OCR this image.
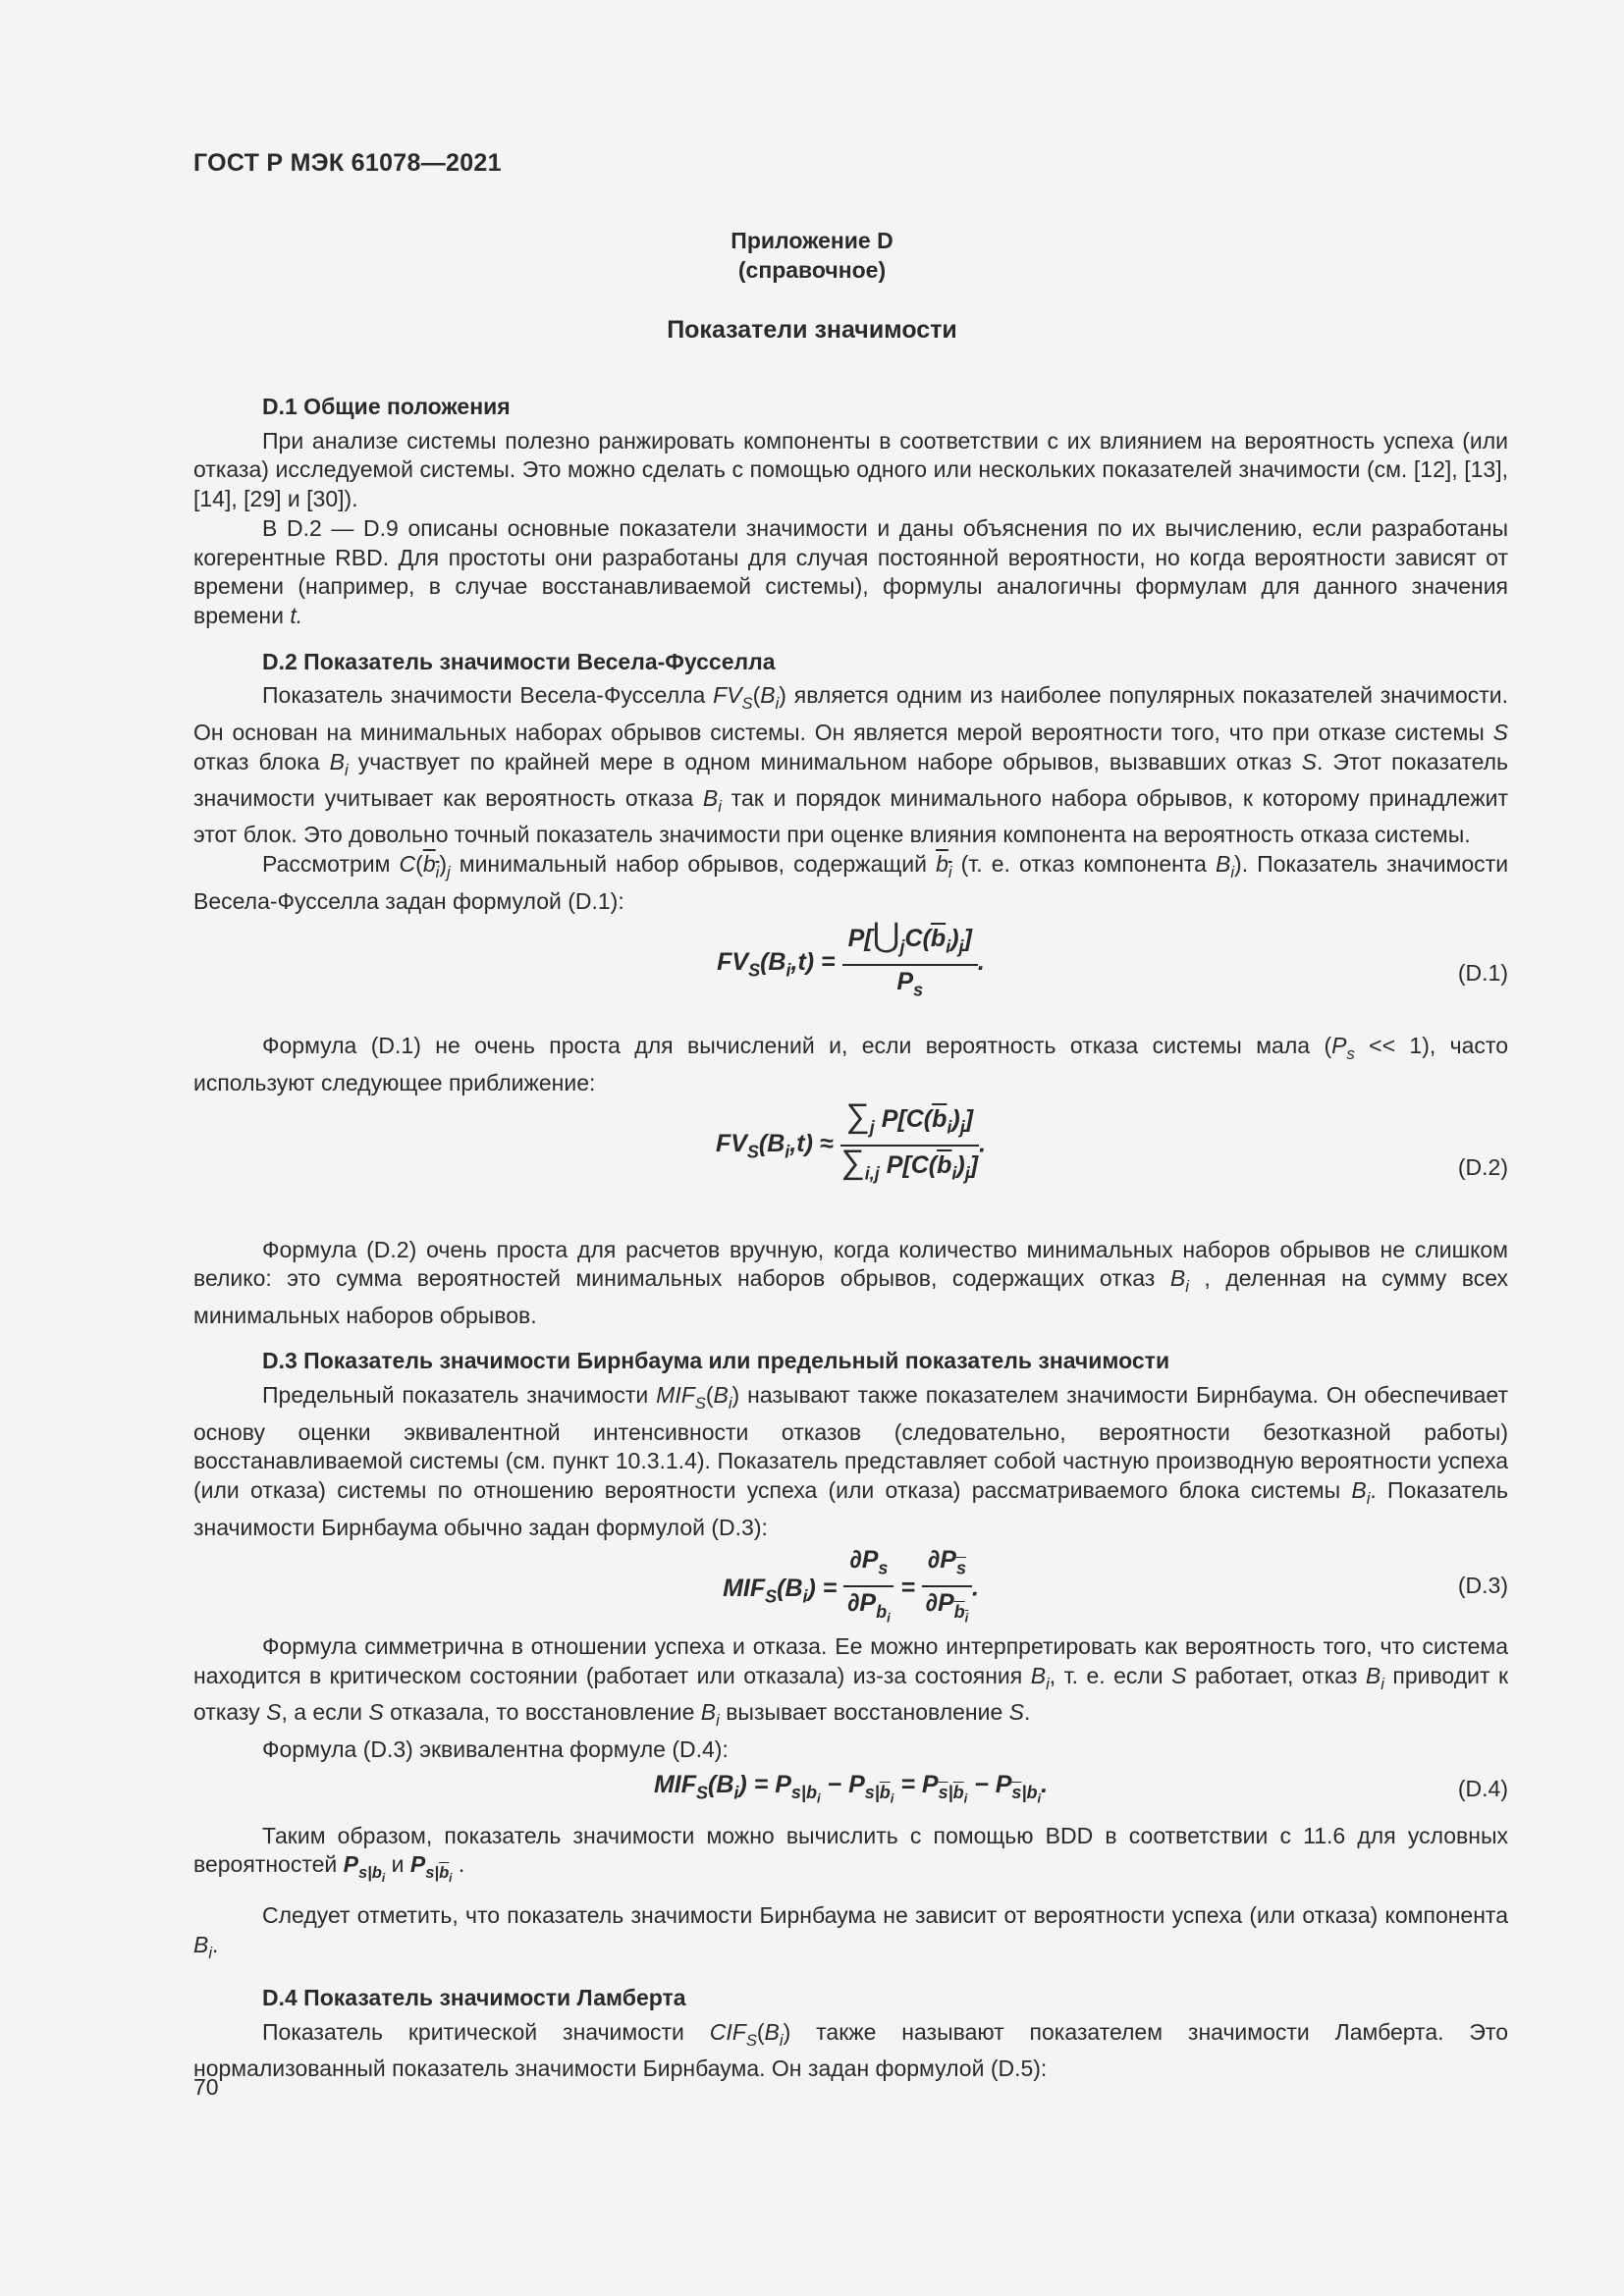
ГОСТ Р МЭК 61078—2021
Приложение D
(справочное)
Показатели значимости
D.1 Общие положения

При анализе системы полезно ранжировать компоненты в соответствии с их влиянием на вероятность успеха (или отказа) исследуемой системы. Это можно сделать с помощью одного или нескольких показателей значимости (см. [12], [13], [14], [29] и [30]).

В D.2 — D.9 описаны основные показатели значимости и даны объяснения по их вычислению, если разработаны когерентные RBD. Для простоты они разработаны для случая постоянной вероятности, но когда вероятности зависят от времени (например, в случае восстанавливаемой системы), формулы аналогичны формулам для данного значения времени t.

D.2 Показатель значимости Весела-Фусселла

Показатель значимости Весела-Фусселла $FV_S(B_i)$ является одним из наиболее популярных показателей значимости. Он основан на минимальных наборах обрывов системы. Он является мерой вероятности того, что при отказе системы S отказ блока $B_i$ участвует по крайней мере в одном минимальном наборе обрывов, вызвавших отказ S. Этот показатель значимости учитывает как вероятность отказа $B_i$ так и порядок минимального набора обрывов, к которому принадлежит этот блок. Это довольно точный показатель значимости при оценке влияния компонента на вероятность отказа системы.

Рассмотрим $C(b_i)_j$ минимальный набор обрывов, содержащий $b_i$ (т. е. отказ компонента $B_i$). Показатель значимости Весела-Фусселла задан формулой (D.1):

$FV_S(B_i,t) = \frac{P[⋃_jC(\overline{b}_i)_j]}{P_s}$ .	(D.1)

Формула (D.1) не очень проста для вычислений и, если вероятность отказа системы мала $(P_s << 1)$, часто используют следующее приближение:

$FV_S(B_i,t) \approx \frac{\sum_j P[C(\overline{b}_i)_j]}{\sum_{i,j} P[C(\overline{b}_i)_j]}$ .
(D.2)

Формула (D.2) очень проста для расчетов вручную, когда количество минимальных наборов обрывов не слишком велико: это сумма вероятностей минимальных наборов обрывов, содержащих отказ $B_i$ , деленная на сумму всех минимальных наборов обрывов.

D.3 Показатель значимости Бирнбаума или предельный показатель значимости

Предельный показатель значимости $MIF_S(B_i)$ называют также показателем значимости Бирнбаума. Он обеспечивает основу оценки эквивалентной интенсивности отказов (следовательно, вероятности безотказной работы) восстанавливаемой системы (см. пункт 10.3.1.4). Показатель представляет собой частную производную вероятности успеха (или отказа) системы по отношению вероятности успеха (или отказа) рассматриваемого блока системы $B_i$. Показатель значимости Бирнбаума обычно задан формулой (D.3):

$MIF_S(B_i) = \frac{\partial P_s}{\partial P_{b_i}} = \frac{\partial P_{\overline{s}}}{\partial P_{b_i}}$ .	(D.3)

Формула симметрична в отношении успеха и отказа. Ее можно интерпретировать как вероятность того, что система находится в критическом состоянии (работает или отказала) из-за состояния $B_i$, т. е. если S работает, отказ $B_i$ приводит к отказу S, а если S отказала, то восстановление $B_i$ вызывает восстановление S.

Формула (D.3) эквивалентна формуле (D.4):

$MIF_S(B_i) = P_{s|b_i} - P_{s|\overline{b}_i} = P_{\overline{s}|\overline{b}_i} - P_{\overline{s}|b_i}$.	(D.4)

Таким образом, показатель значимости можно вычислить с помощью BDD в соответствии с 11.6 для условных вероятностей $P_{s|b_i}$ и $P_{s|\overline{b}_i}$ .

Следует отметить, что показатель значимости Бирнбаума не зависит от вероятности успеха (или отказа) компонента $B_i$.

D.4 Показатель значимости Ламберта

Показатель критической значимости $CIF_S(B_i)$ также называют показателем значимости Ламберта. Это нормализованный показатель значимости Бирнбаума. Он задан формулой (D.5):

70
